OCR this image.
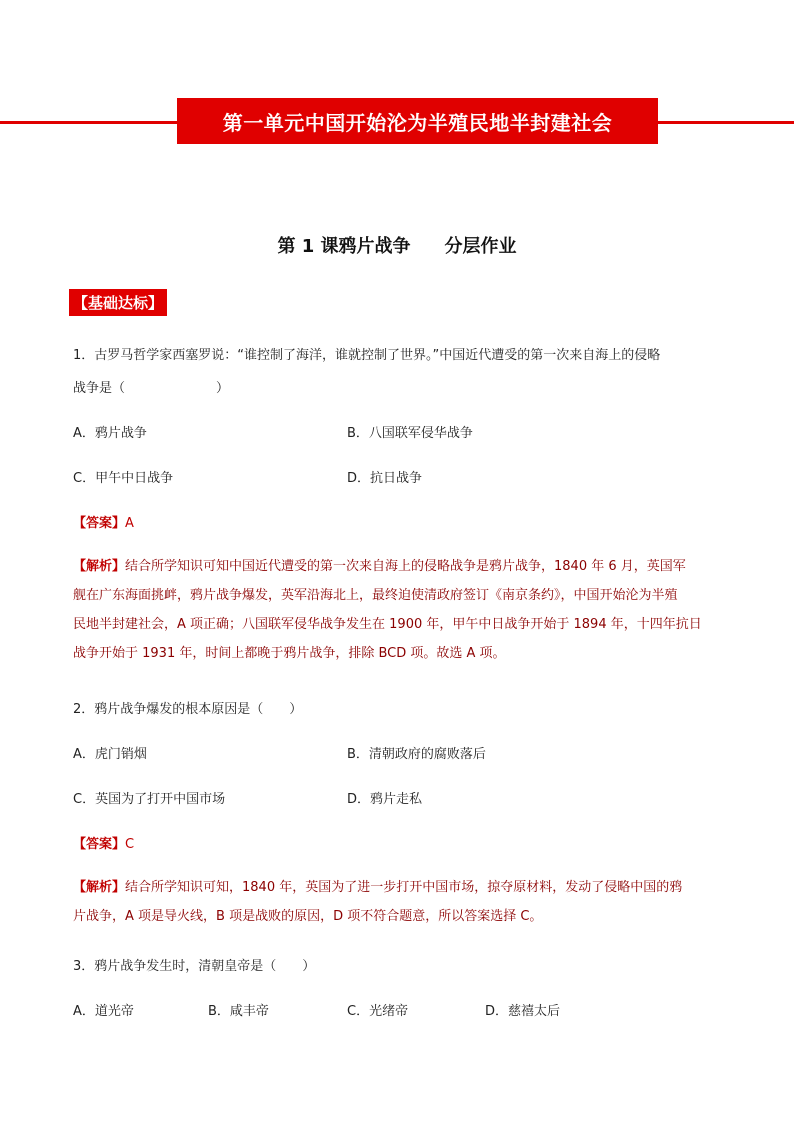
第一单元中国开始沦为半殖民地半封建社会
第 1 课鸦片战争 分层作业
【基础达标】
1．古罗马哲学家西塞罗说：“谁控制了海洋，谁就控制了世界。”中国近代遭受的第一次来自海上的侵略
战争是（　　　　　　　）
A．鸦片战争	B．八国联军侵华战争
C．甲午中日战争	D．抗日战争
【答案】A
【解析】结合所学知识可知中国近代遭受的第一次来自海上的侵略战争是鸦片战争，1840 年 6 月，英国军
舰在广东海面挑衅，鸦片战争爆发，英军沿海北上，最终迫使清政府签订《南京条约》，中国开始沦为半殖
民地半封建社会，A 项正确；八国联军侵华战争发生在 1900 年，甲午中日战争开始于 1894 年，十四年抗日
战争开始于 1931 年，时间上都晚于鸦片战争，排除 BCD 项。故选 A 项。
2．鸦片战争爆发的根本原因是（　　）
A．虎门销烟	B．清朝政府的腐败落后
C．英国为了打开中国市场	D．鸦片走私
【答案】C
【解析】结合所学知识可知，1840 年，英国为了进一步打开中国市场，掠夺原材料，发动了侵略中国的鸦
片战争，A 项是导火线，B 项是战败的原因，D 项不符合题意，所以答案选择 C。
3．鸦片战争发生时，清朝皇帝是（　　）
A．道光帝	B．咸丰帝	C．光绪帝	D．慈禧太后
